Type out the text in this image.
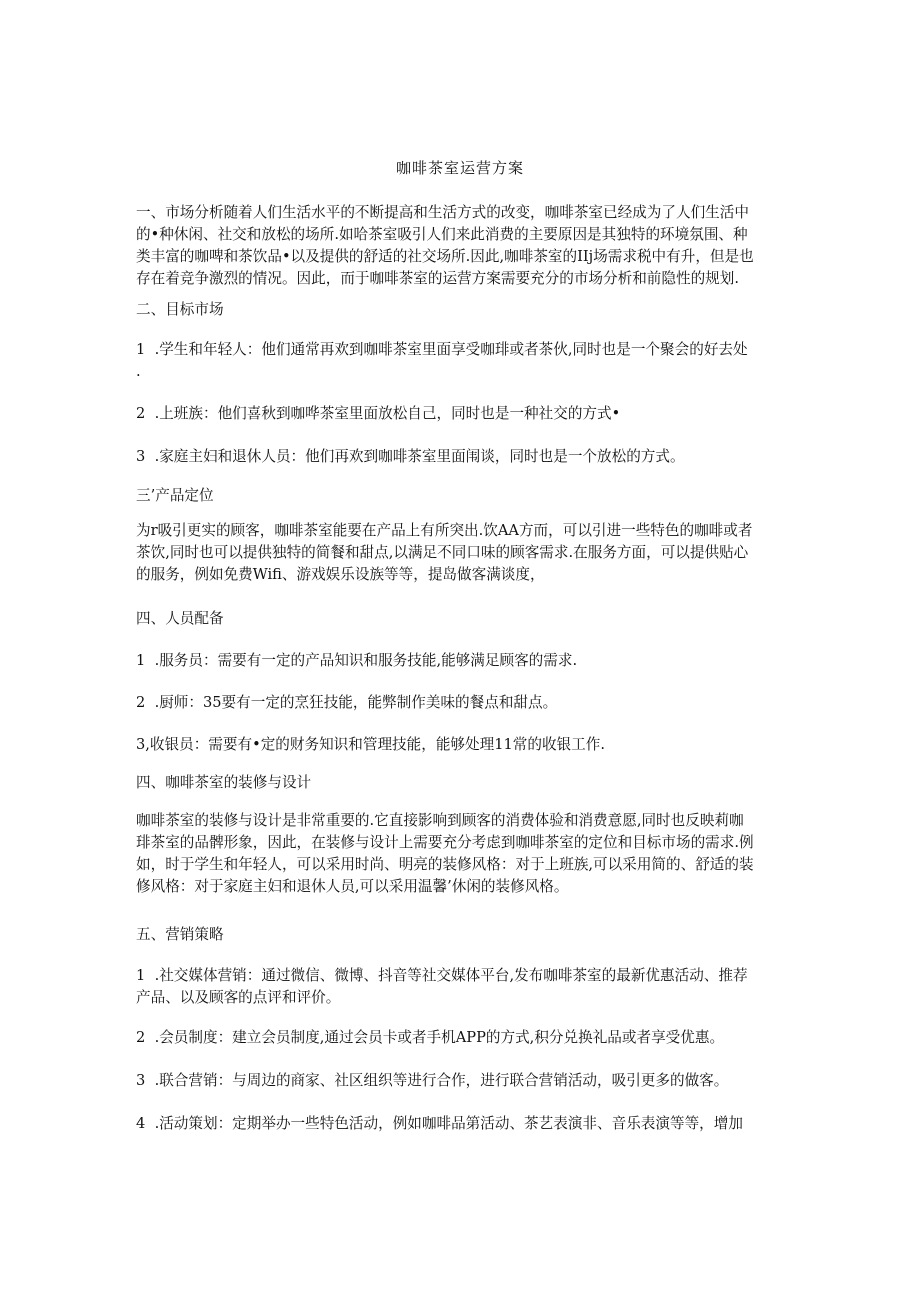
咖啡茶室运营方案
一、市场分析随着人们生活水平的不断提高和生活方式的改变，咖啡茶室已经成为了人们生活中
的•种休闲、社交和放松的场所.如哈茶室吸引人们来此消费的主要原因是其独特的环境氛围、种
类丰富的咖啤和茶饮品•以及提供的舒适的社交场所.因此,咖啡茶室的IIj场需求税中有升，但是也
存在着竞争激烈的情况。因此，而于咖啡茶室的运营方案需要充分的市场分析和前隐性的规划.
二、目标市场
1  .学生和年轻人：他们通常再欢到咖啡茶室里面享受咖琲或者茶伙,同时也是一个聚会的好去处
.
2  .上班族：他们喜秋到咖哗茶室里面放松自己，同时也是一种社交的方式•
3  .家庭主妇和退休人员：他们再欢到咖啡茶室里面闱谈，同时也是一个放松的方式。
三’产品定位
为r吸引更实的顾客，咖啡茶室能要在产品上有所突出.饮AA方而，可以引进一些特色的咖啡或者
茶饮,同时也可以提供独特的简餐和甜点,以满足不同口味的顾客需求.在服务方面，可以提供贴心
的服务，例如免费Wifi、游戏娱乐设族等等，提岛做客满谈度，
四、人员配备
1  .服务员：需要有一定的产品知识和服务技能,能够满足顾客的需求.
2  .厨师：35要有一定的烹狂技能，能弊制作美味的餐点和甜点。
3,收银员：需要有•定的财务知识和管理技能，能够处理11常的收银工作.
四、咖啡茶室的装修与设计
咖啡茶室的装修与设计是非常重要的.它直接影响到顾客的消费体验和消费意愿,同时也反映莉咖
琲茶室的品髀形象，因此，在装修与设计上需要充分考虑到咖啡茶室的定位和目标市场的需求.例
如，时于学生和年轻人，可以采用时尚、明亮的装修风格：对于上班族,可以采用简的、舒适的装
修风格：对于家庭主妇和退休人员,可以采用温馨’休闲的装修风格。
五、营销策略
1  .社交媒体营销：通过微信、微博、抖音等社交媒体平台,发布咖啡茶室的最新优惠活动、推荐
产品、以及顾客的点评和评价。
2  .会员制度：建立会员制度,通过会员卡或者手机APP的方式,积分兑换礼品或者享受优惠。
3  .联合营销：与周边的商家、社区组织等进行合作，进行联合营销活动，吸引更多的做客。
4  .活动策划：定期举办一些特色活动，例如咖啡品第活动、茶艺表演非、音乐表演等等，增加
